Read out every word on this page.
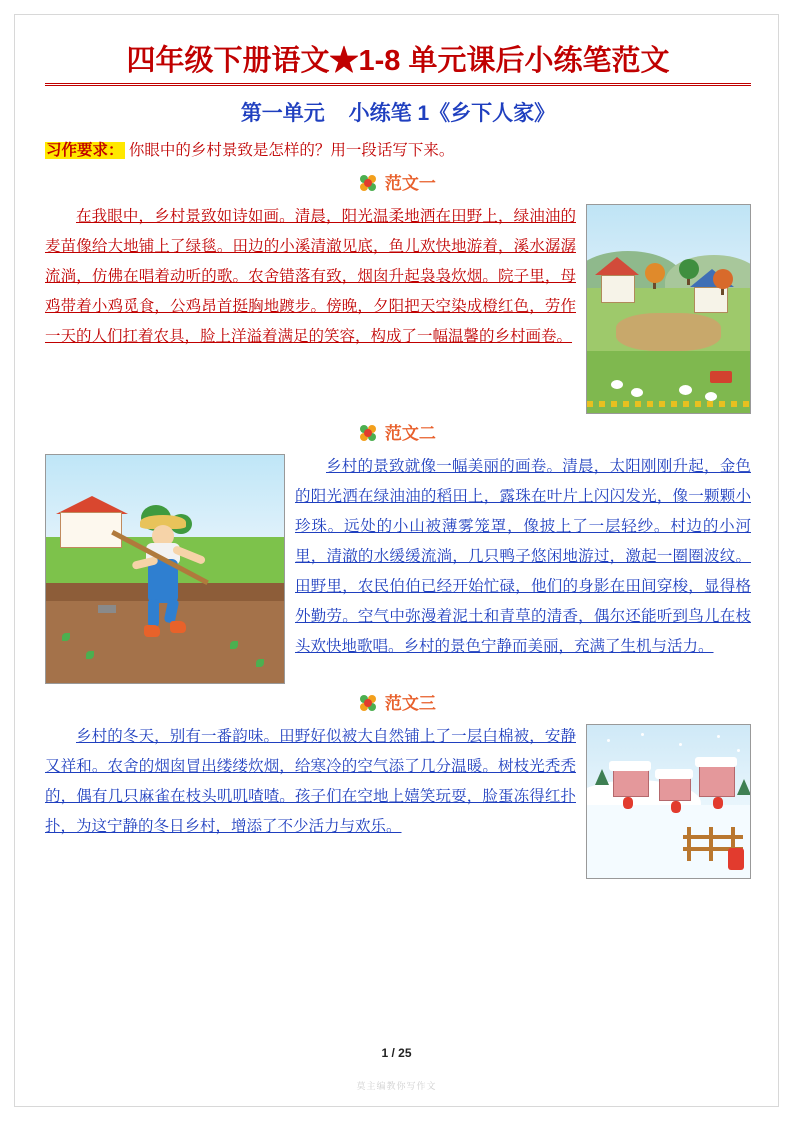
四年级下册语文★1-8 单元课后小练笔范文
第一单元 小练笔 1《乡下人家》
习作要求： 你眼中的乡村景致是怎样的？用一段话写下来。
范文一
在我眼中，乡村景致如诗如画。清晨，阳光温柔地洒在田野上，绿油油的麦苗像给大地铺上了绿毯。田边的小溪清澈见底，鱼儿欢快地游着，溪水潺潺流淌，仿佛在唱着动听的歌。农舍错落有致，烟囱升起袅袅炊烟。院子里，母鸡带着小鸡觅食，公鸡昂首挺胸地踱步。傍晚，夕阳把天空染成橙红色，劳作一天的人们扛着农具，脸上洋溢着满足的笑容，构成了一幅温馨的乡村画卷。
范文二
乡村的景致就像一幅美丽的画卷。清晨，太阳刚刚升起，金色的阳光洒在绿油油的稻田上，露珠在叶片上闪闪发光，像一颗颗小珍珠。远处的小山被薄雾笼罩，像披上了一层轻纱。村边的小河里，清澈的水缓缓流淌，几只鸭子悠闲地游过，激起一圈圈波纹。田野里，农民伯伯已经开始忙碌，他们的身影在田间穿梭，显得格外勤劳。空气中弥漫着泥土和青草的清香，偶尔还能听到鸟儿在枝头欢快地歌唱。乡村的景色宁静而美丽，充满了生机与活力。
范文三
乡村的冬天，别有一番韵味。田野好似被大自然铺上了一层白棉被，安静又祥和。农舍的烟囱冒出缕缕炊烟，给寒冷的空气添了几分温暖。树枝光秃秃的，偶有几只麻雀在枝头叽叽喳喳。孩子们在空地上嬉笑玩耍，脸蛋冻得红扑扑，为这宁静的冬日乡村，增添了不少活力与欢乐。
1 / 25
莫主编教你写作文
